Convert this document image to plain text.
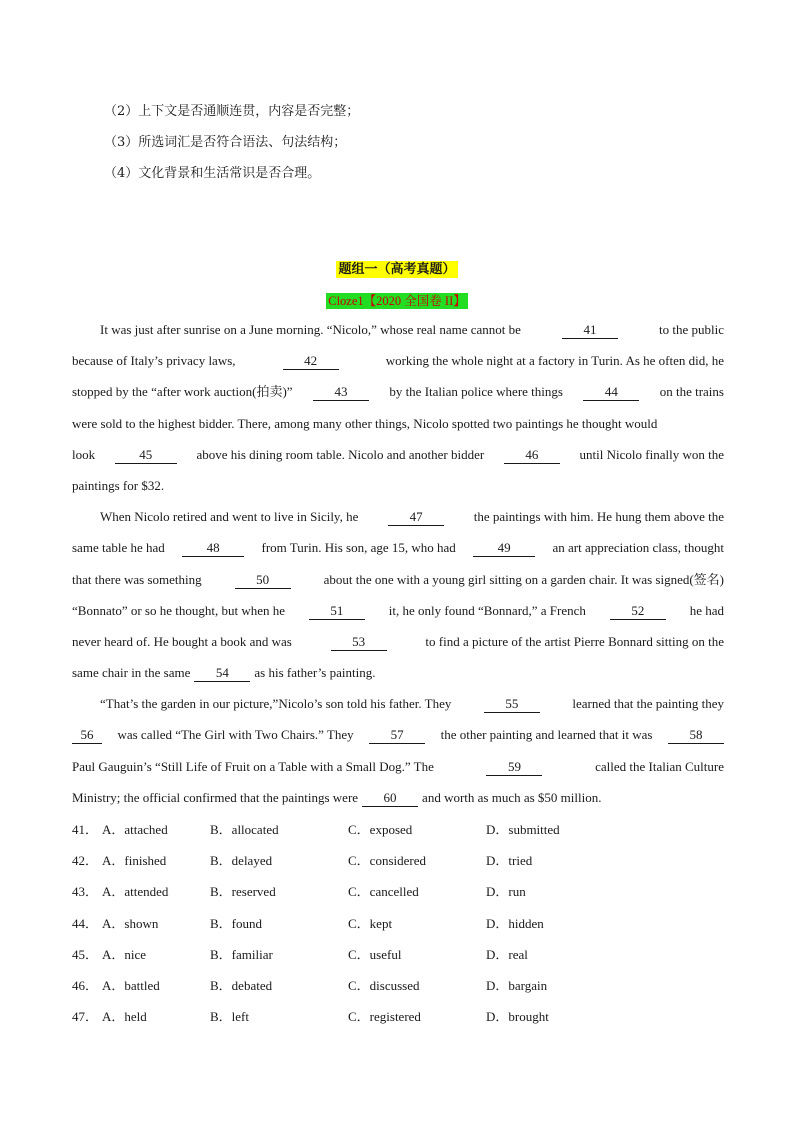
（2）上下文是否通顺连贯，内容是否完整；
（3）所选词汇是否符合语法、句法结构；
（4）文化背景和生活常识是否合理。
题组一（高考真题）
Cloze1【2020 全国卷 II】
It was just after sunrise on a June morning. “Nicolo,” whose real name cannot be	41	to the public
because of Italy’s privacy laws,	42	working the whole night at a factory in Turin. As he often did, he
stopped by the “after work auction(拍卖)”	43	by the Italian police where things	44	on the trains
were sold to the highest bidder. There, among many other things, Nicolo spotted two paintings he thought would
look	45	above his dining room table. Nicolo and another bidder	46	until Nicolo finally won the
paintings for $32.
When Nicolo retired and went to live in Sicily, he	47	the paintings with him. He hung them above the
same table he had	48	from Turin. His son, age 15, who had	49	an art appreciation class, thought
that there was something	50	about the one with a young girl sitting on a garden chair. It was signed(签名)
“Bonnato” or so he thought, but when he	51	it, he only found “Bonnard,” a French	52	he had
never heard of. He bought a book and was	53	to find a picture of the artist Pierre Bonnard sitting on the
same chair in the same	54	as his father’s painting.
“That’s the garden in our picture,”Nicolo’s son told his father. They	55	learned that the painting they
56	was called “The Girl with Two Chairs.” They	57	the other painting and learned that it was	58
Paul Gauguin’s “Still Life of Fruit on a Table with a Small Dog.” The	59	called the Italian Culture
Ministry; the official confirmed that the paintings were	60	and worth as much as $50 million.
41． A．attached	B．allocated	C．exposed	D．submitted
42． A．finished	B．delayed	C．considered	D．tried
43． A．attended	B．reserved	C．cancelled	D．run
44． A．shown	B．found	C．kept	D．hidden
45． A．nice	B．familiar	C．useful	D．real
46． A．battled	B．debated	C．discussed	D．bargain
47． A．held	B．left	C．registered	D．brought
